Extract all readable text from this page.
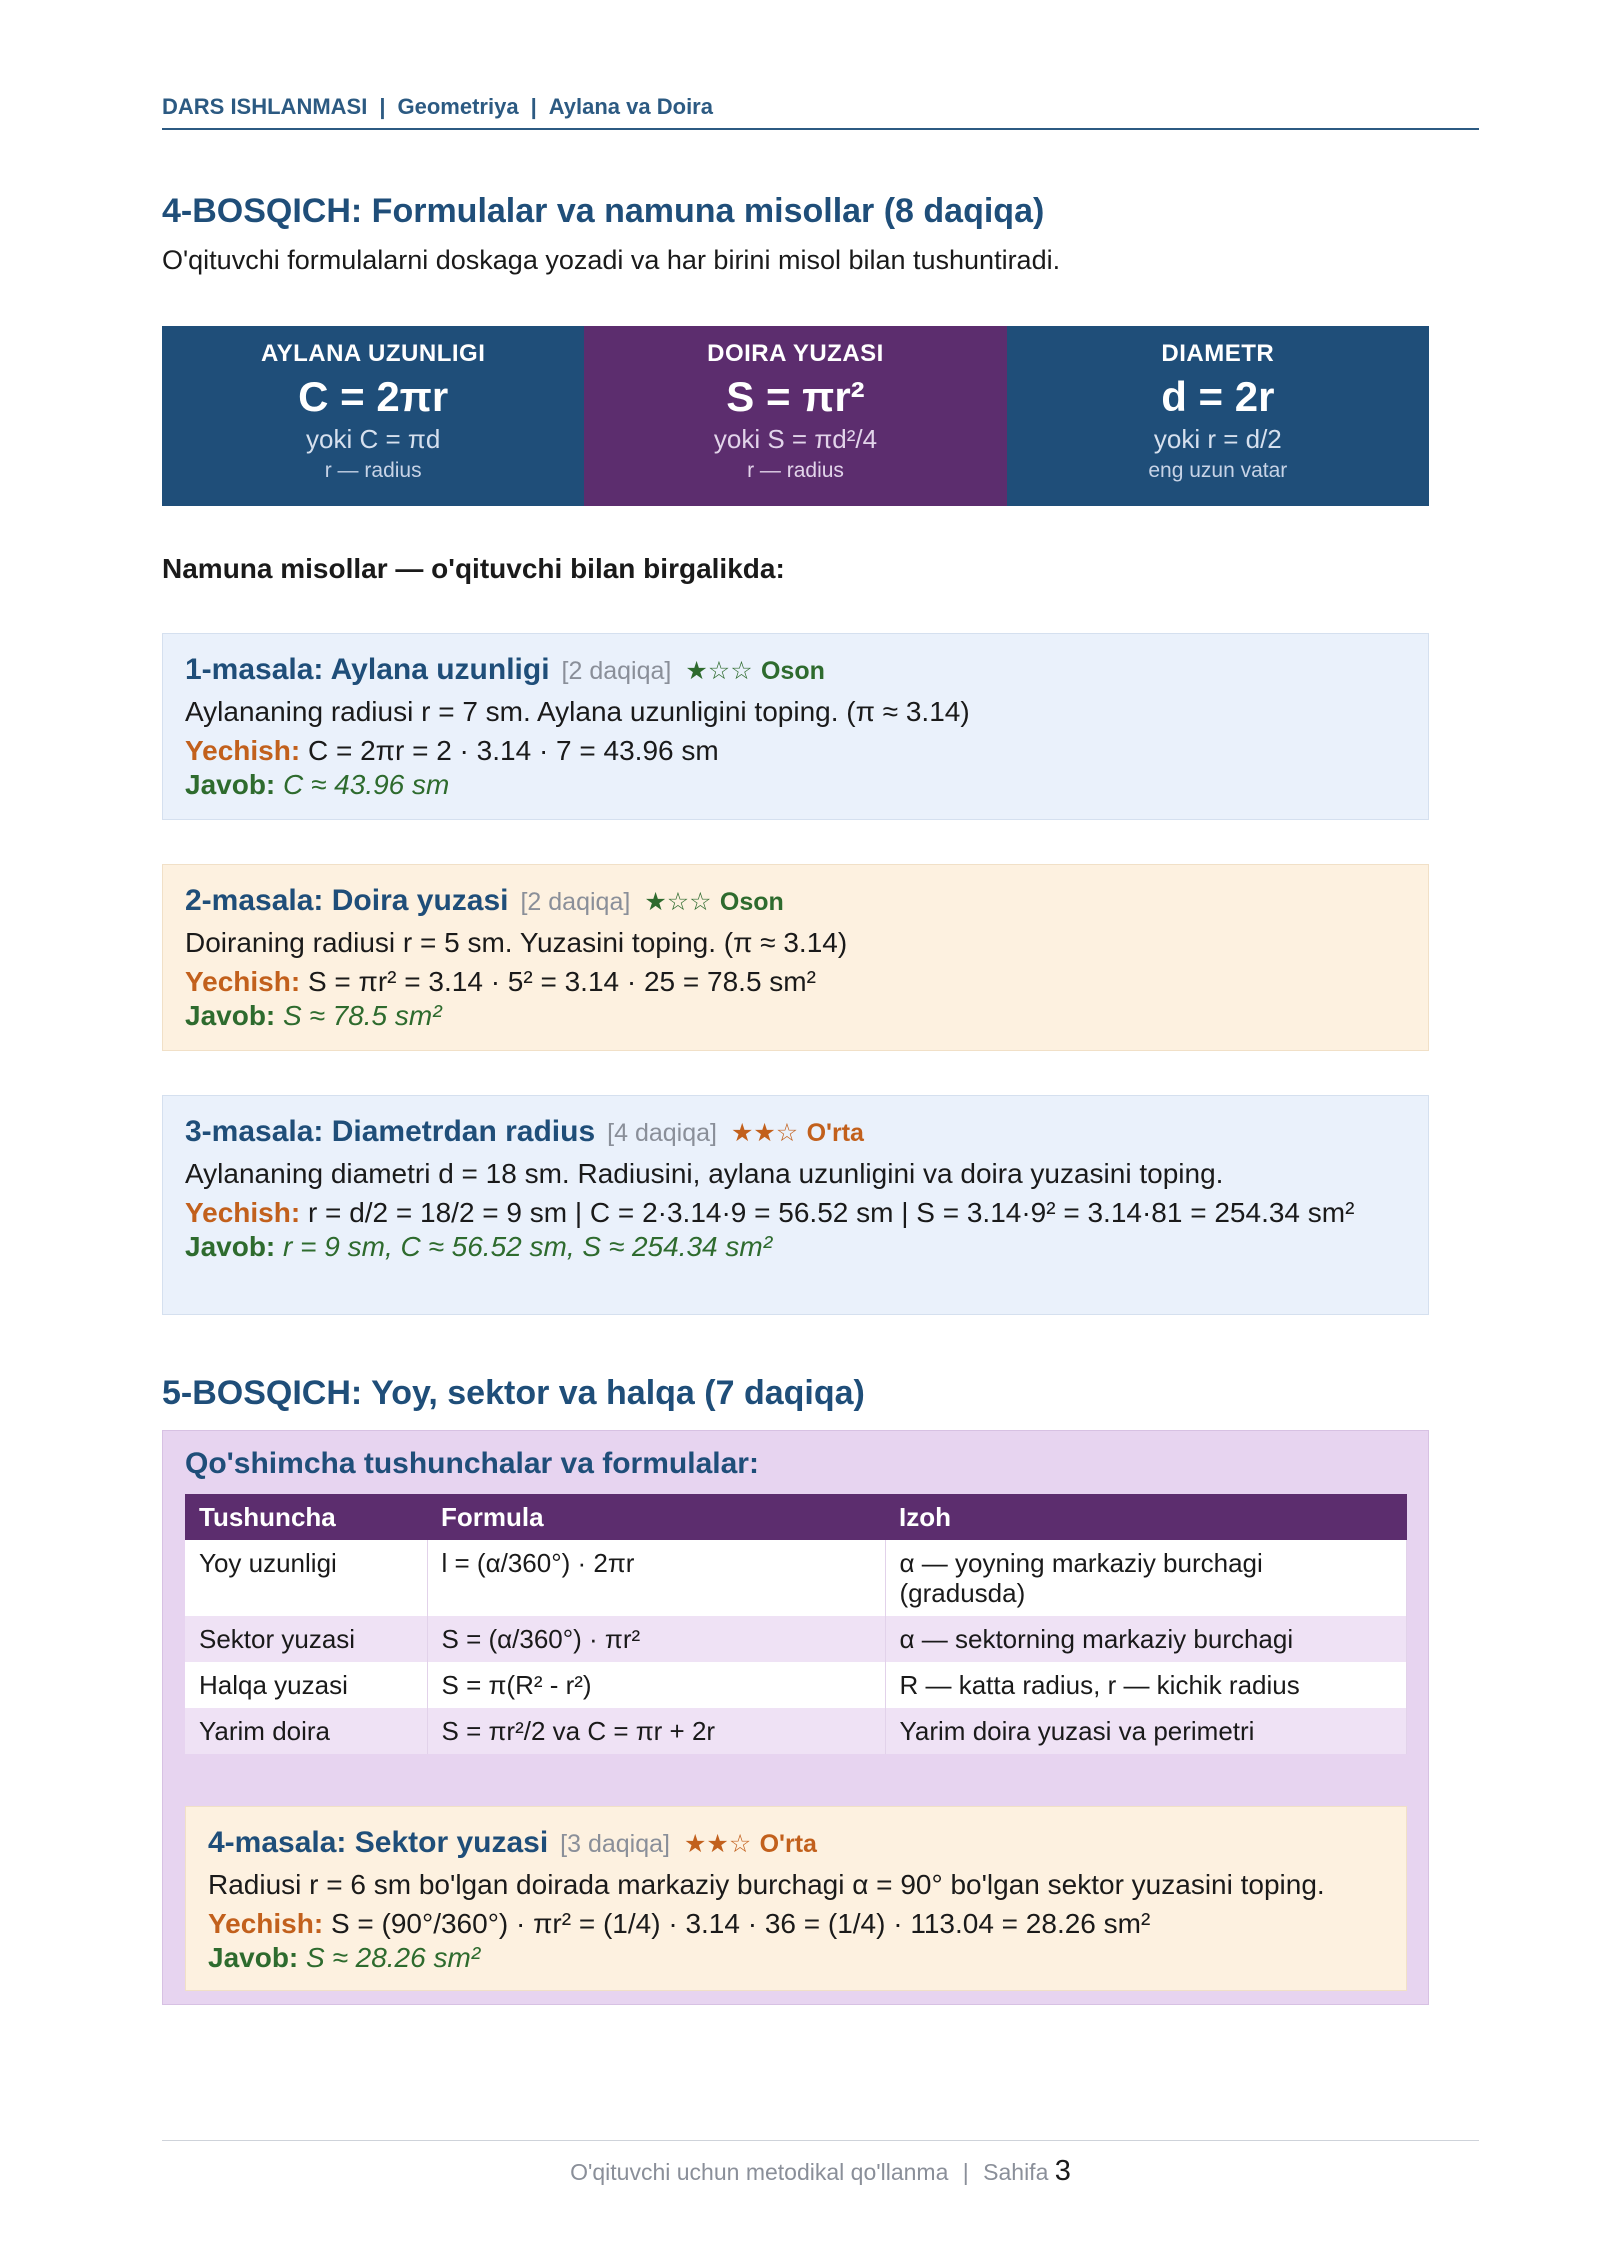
DARS ISHLANMASI | Geometriya | Aylana va Doira
4-BOSQICH: Formulalar va namuna misollar (8 daqiqa)
O'qituvchi formulalarni doskaga yozadi va har birini misol bilan tushuntiradi.
AYLANA UZUNLIGI
C = 2πr
yoki C = πd
r — radius
DOIRA YUZASI
S = πr²
yoki S = πd²/4
r — radius
DIAMETR
d = 2r
yoki r = d/2
eng uzun vatar
Namuna misollar — o'qituvchi bilan birgalikda:
1-masala: Aylana uzunligi [2 daqiqa] ★☆☆ Oson
Aylananing radiusi r = 7 sm. Aylana uzunligini toping. (π ≈ 3.14)
Yechish: C = 2πr = 2 · 3.14 · 7 = 43.96 sm
Javob: C ≈ 43.96 sm
2-masala: Doira yuzasi [2 daqiqa] ★☆☆ Oson
Doiraning radiusi r = 5 sm. Yuzasini toping. (π ≈ 3.14)
Yechish: S = πr² = 3.14 · 5² = 3.14 · 25 = 78.5 sm²
Javob: S ≈ 78.5 sm²
3-masala: Diametrdan radius [4 daqiqa] ★★☆ O'rta
Aylananing diametri d = 18 sm. Radiusini, aylana uzunligini va doira yuzasini toping.
Yechish: r = d/2 = 18/2 = 9 sm | C = 2·3.14·9 = 56.52 sm | S = 3.14·9² = 3.14·81 = 254.34 sm²
Javob: r = 9 sm, C ≈ 56.52 sm, S ≈ 254.34 sm²
5-BOSQICH: Yoy, sektor va halqa (7 daqiqa)
Qo'shimcha tushunchalar va formulalar:
Tushuncha	Formula	Izoh
Yoy uzunligi	l = (α/360°) · 2πr	α — yoyning markaziy burchagi (gradusda)
Sektor yuzasi	S = (α/360°) · πr²	α — sektorning markaziy burchagi
Halqa yuzasi	S = π(R² - r²)	R — katta radius, r — kichik radius
Yarim doira	S = πr²/2 va C = πr + 2r	Yarim doira yuzasi va perimetri
4-masala: Sektor yuzasi [3 daqiqa] ★★☆ O'rta
Radiusi r = 6 sm bo'lgan doirada markaziy burchagi α = 90° bo'lgan sektor yuzasini toping.
Yechish: S = (90°/360°) · πr² = (1/4) · 3.14 · 36 = (1/4) · 113.04 = 28.26 sm²
Javob: S ≈ 28.26 sm²
O'qituvchi uchun metodikal qo'llanma | Sahifa 3
